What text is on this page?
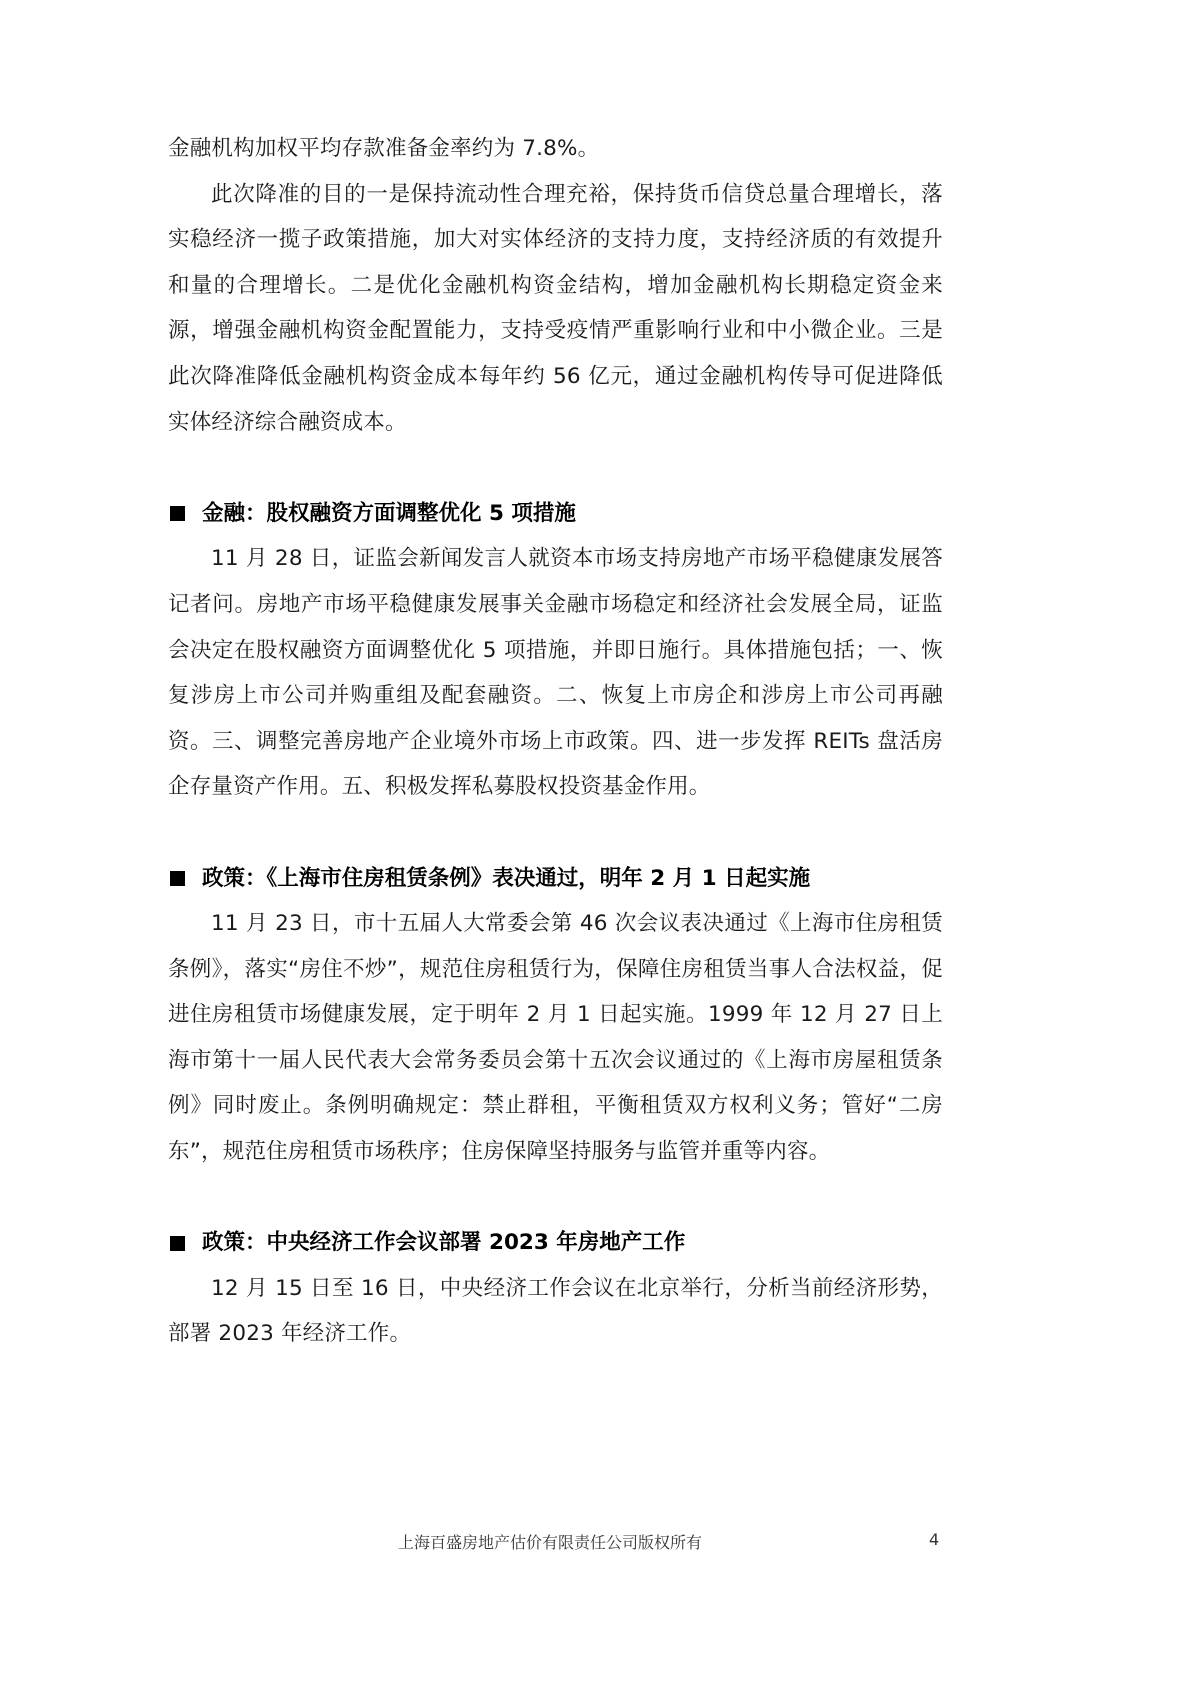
金融机构加权平均存款准备金率约为 7.8%。

此次降准的目的一是保持流动性合理充裕，保持货币信贷总量合理增长，落实稳经济一揽子政策措施，加大对实体经济的支持力度，支持经济质的有效提升和量的合理增长。二是优化金融机构资金结构，增加金融机构长期稳定资金来源，增强金融机构资金配置能力，支持受疫情严重影响行业和中小微企业。三是此次降准降低金融机构资金成本每年约 56 亿元，通过金融机构传导可促进降低实体经济综合融资成本。

金融：股权融资方面调整优化 5 项措施

11 月 28 日，证监会新闻发言人就资本市场支持房地产市场平稳健康发展答记者问。房地产市场平稳健康发展事关金融市场稳定和经济社会发展全局，证监会决定在股权融资方面调整优化 5 项措施，并即日施行。具体措施包括；一、恢复涉房上市公司并购重组及配套融资。二、恢复上市房企和涉房上市公司再融资。三、调整完善房地产企业境外市场上市政策。四、进一步发挥 REITs 盘活房企存量资产作用。五、积极发挥私募股权投资基金作用。

政策：《上海市住房租赁条例》表决通过，明年 2 月 1 日起实施

11 月 23 日，市十五届人大常委会第 46 次会议表决通过《上海市住房租赁条例》，落实“房住不炒”，规范住房租赁行为，保障住房租赁当事人合法权益，促进住房租赁市场健康发展，定于明年 2 月 1 日起实施。1999 年 12 月 27 日上海市第十一届人民代表大会常务委员会第十五次会议通过的《上海市房屋租赁条例》同时废止。条例明确规定：禁止群租，平衡租赁双方权利义务；管好“二房东”，规范住房租赁市场秩序；住房保障坚持服务与监管并重等内容。

政策：中央经济工作会议部署 2023 年房地产工作

12 月 15 日至 16 日，中央经济工作会议在北京举行，分析当前经济形势，部署 2023 年经济工作。

上海百盛房地产估价有限责任公司版权所有	4
